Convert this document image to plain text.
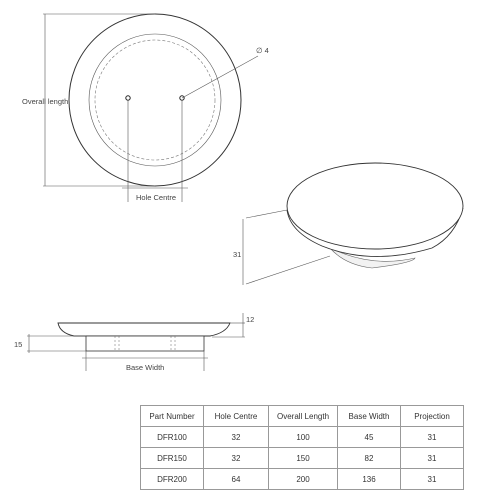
Overall length
Hole Centre
∅ 4
31
12
15
Base Width
Part Number	Hole Centre	Overall Length	Base Width	Projection
DFR100	32	100	45	31
DFR150	32	150	82	31
DFR200	64	200	136	31
